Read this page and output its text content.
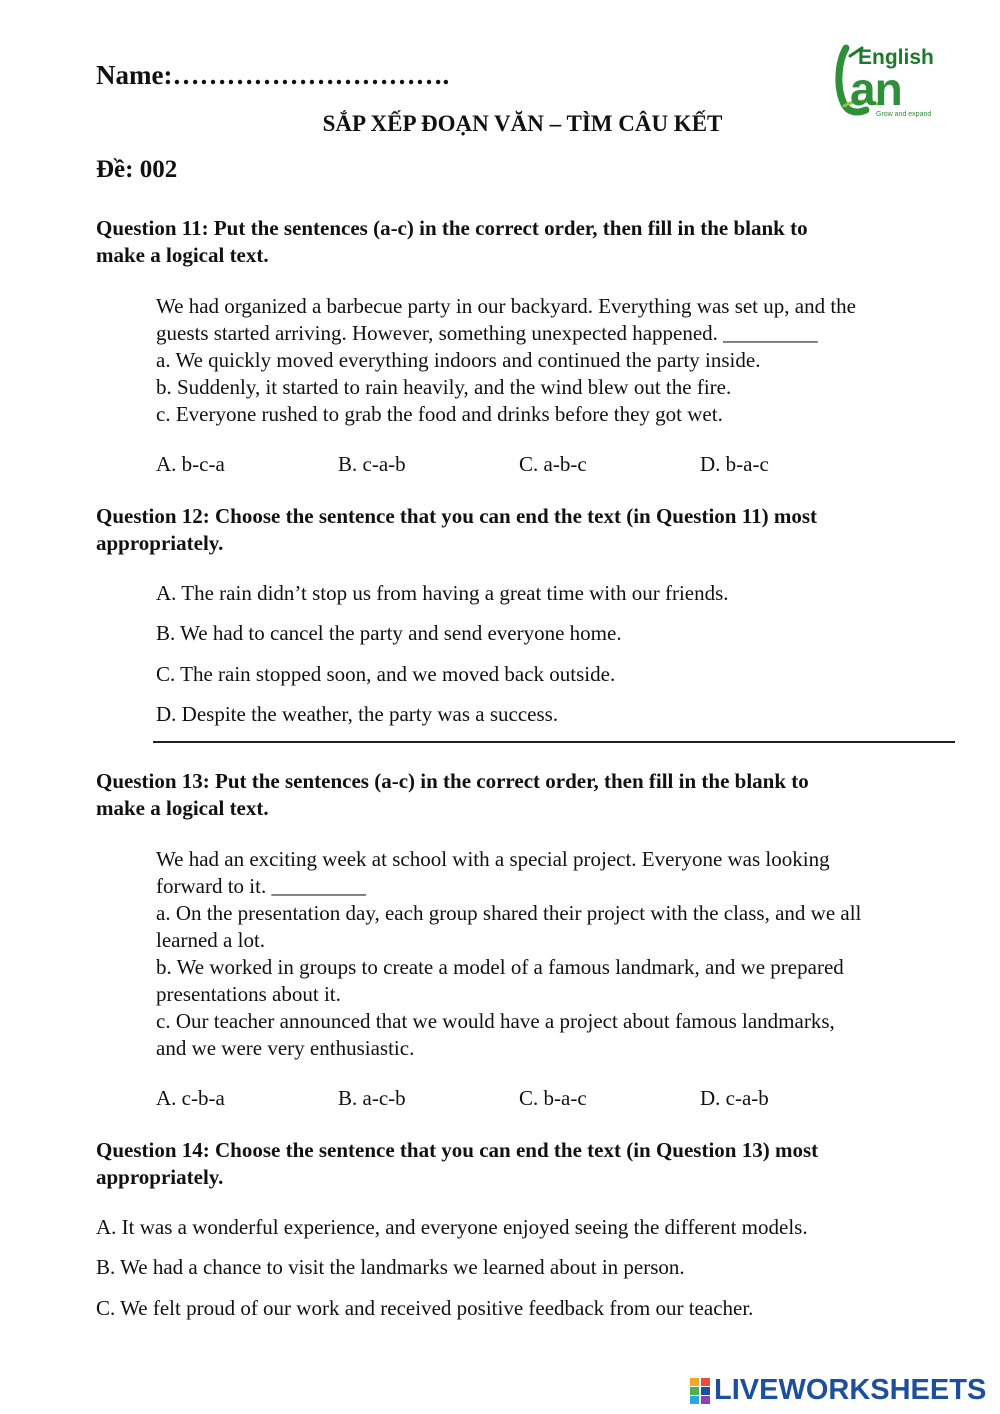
Name:………………………….
SẮP XẾP ĐOẠN VĂN – TÌM CÂU KẾT
Đề: 002
English
an
Grow and expand
Question 11: Put the sentences (a-c) in the correct order, then fill in the blank to
make a logical text.
We had organized a barbecue party in our backyard. Everything was set up, and the
guests started arriving. However, something unexpected happened. _________
a. We quickly moved everything indoors and continued the party inside.
b. Suddenly, it started to rain heavily, and the wind blew out the fire.
c. Everyone rushed to grab the food and drinks before they got wet.
A. b-c-a	B. c-a-b	C. a-b-c	D. b-a-c
Question 12: Choose the sentence that you can end the text (in Question 11) most
appropriately.
A. The rain didn’t stop us from having a great time with our friends.
B. We had to cancel the party and send everyone home.
C. The rain stopped soon, and we moved back outside.
D. Despite the weather, the party was a success.
Question 13: Put the sentences (a-c) in the correct order, then fill in the blank to
make a logical text.
We had an exciting week at school with a special project. Everyone was looking
forward to it. _________
a. On the presentation day, each group shared their project with the class, and we all
learned a lot.
b. We worked in groups to create a model of a famous landmark, and we prepared
presentations about it.
c. Our teacher announced that we would have a project about famous landmarks,
and we were very enthusiastic.
A. c-b-a	B. a-c-b	C. b-a-c	D. c-a-b
Question 14: Choose the sentence that you can end the text (in Question 13) most
appropriately.
A. It was a wonderful experience, and everyone enjoyed seeing the different models.
B. We had a chance to visit the landmarks we learned about in person.
C. We felt proud of our work and received positive feedback from our teacher.
LIVEWORKSHEETS
